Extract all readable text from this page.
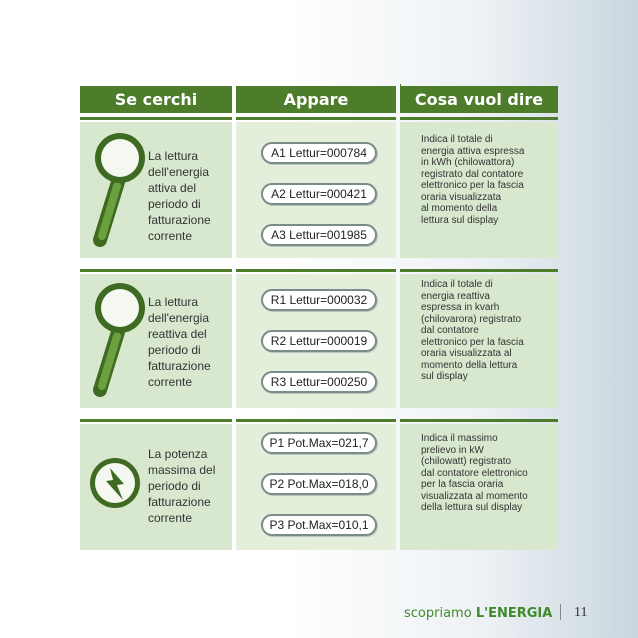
Se cerchi	Appare	Cosa vuol dire
La lettura
dell'energia
attiva del
periodo di
fatturazione
corrente
A1 Lettur=000784
A2 Lettur=000421
A3 Lettur=001985
Indica il totale di
energia attiva espressa
in kWh (chilowattora)
registrato dal contatore
elettronico per la fascia
oraria visualizzata
al momento della
lettura sul display
La lettura
dell'energia
reattiva del
periodo di
fatturazione
corrente
R1 Lettur=000032
R2 Lettur=000019
R3 Lettur=000250
Indica il totale di
energia reattiva
espressa in kvarh
(chilovarora) registrato
dal contatore
elettronico per la fascia
oraria visualizzata al
momento della lettura
sul display
La potenza
massima del
periodo di
fatturazione
corrente
P1 Pot.Max=021,7
P2 Pot.Max=018,0
P3 Pot.Max=010,1
Indica il massimo
prelievo in kW
(chilowatt) registrato
dal contatore elettronico
per la fascia oraria
visualizzata al momento
della lettura sul display
scopriamo L'ENERGIA 11
